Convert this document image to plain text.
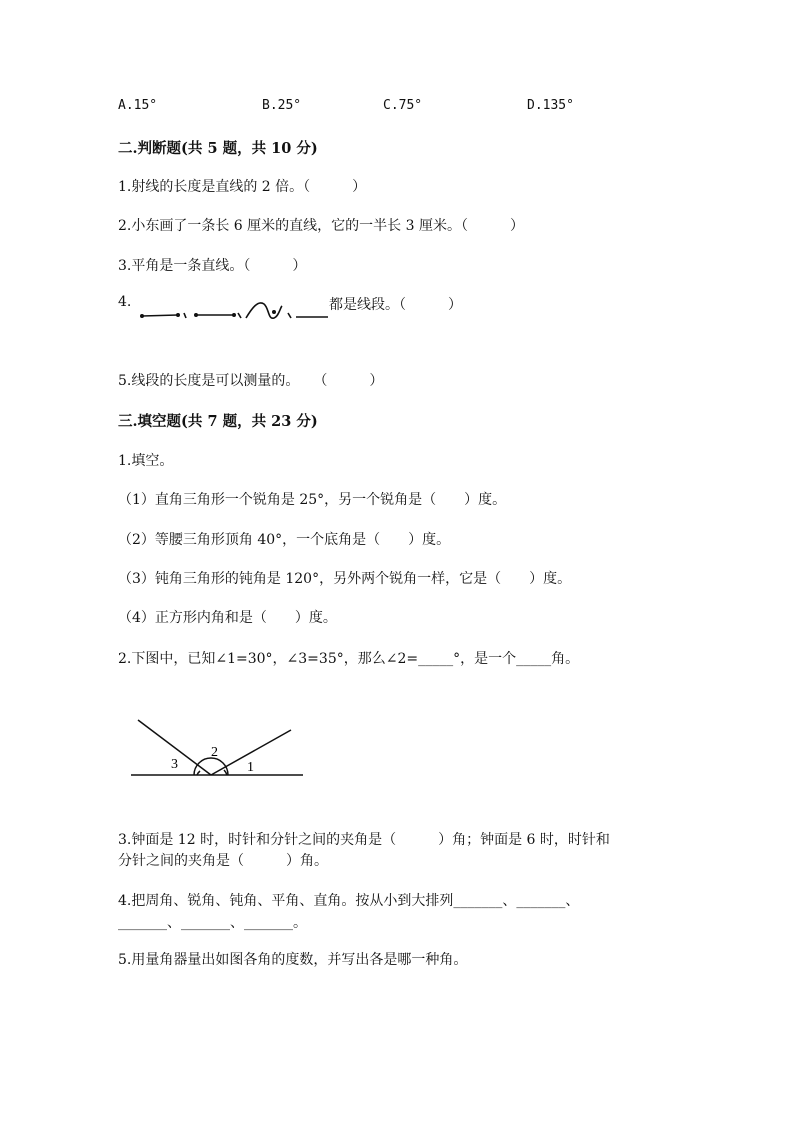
A.15°	B.25°	C.75°	D.135°
二.判断题(共 5 题，共 10 分)
1.射线的长度是直线的 2 倍。（　　　）
2.小东画了一条长 6 厘米的直线，它的一半长 3 厘米。（　　　）
3.平角是一条直线。（　　　）
4.	都是线段。（　　　）
5.线段的长度是可以测量的。　　（　　　）
三.填空题(共 7 题，共 23 分)
1.填空。
（1）直角三角形一个锐角是 25°，另一个锐角是（　　）度。
（2）等腰三角形顶角 40°，一个底角是（　　）度。
（3）钝角三角形的钝角是 120°，另外两个锐角一样，它是（　　）度。
（4）正方形内角和是（　　）度。
2.下图中，已知∠1=30°，∠3=35°，那么∠2=_____°，是一个_____角。
3
2
1
3.钟面是 12 时，时针和分针之间的夹角是（　　　）角；钟面是 6 时，时针和
分针之间的夹角是（　　　）角。
4.把周角、锐角、钝角、平角、直角。按从小到大排列_______、_______、
_______、_______、_______。
5.用量角器量出如图各角的度数，并写出各是哪一种角。
